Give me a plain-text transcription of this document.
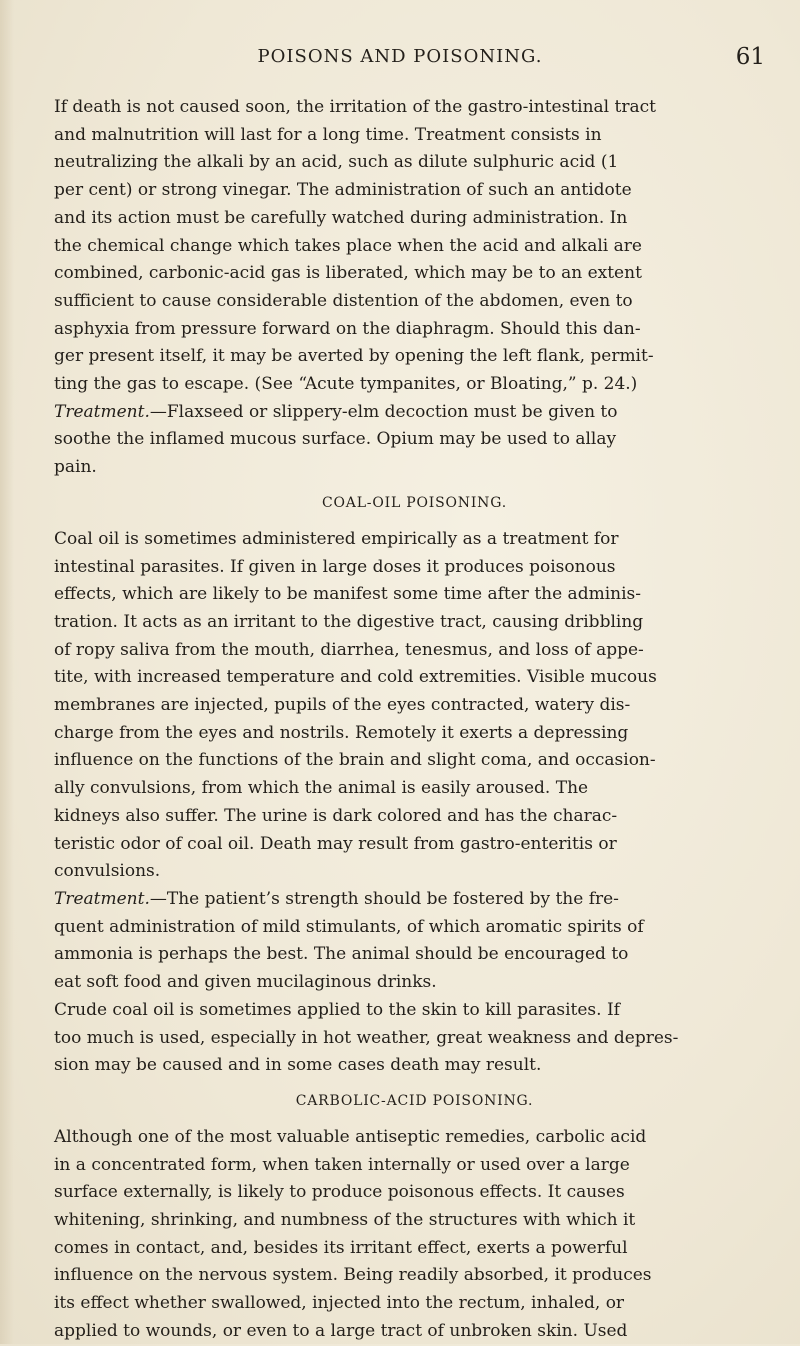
POISONS AND POISONING.	61

If death is not caused soon, the irritation of the gastro-intestinal tract
and malnutrition will last for a long time. Treatment consists in
neutralizing the alkali by an acid, such as dilute sulphuric acid (1
per cent) or strong vinegar. The administration of such an antidote
and its action must be carefully watched during administration. In
the chemical change which takes place when the acid and alkali are
combined, carbonic-acid gas is liberated, which may be to an extent
sufficient to cause considerable distention of the abdomen, even to
asphyxia from pressure forward on the diaphragm. Should this dan-
ger present itself, it may be averted by opening the left flank, permit-
ting the gas to escape. (See “Acute tympanites, or Bloating,” p. 24.)

Treatment.—Flaxseed or slippery-elm decoction must be given to
soothe the inflamed mucous surface. Opium may be used to allay
pain.

COAL-OIL POISONING.

Coal oil is sometimes administered empirically as a treatment for
intestinal parasites. If given in large doses it produces poisonous
effects, which are likely to be manifest some time after the adminis-
tration. It acts as an irritant to the digestive tract, causing dribbling
of ropy saliva from the mouth, diarrhea, tenesmus, and loss of appe-
tite, with increased temperature and cold extremities. Visible mucous
membranes are injected, pupils of the eyes contracted, watery dis-
charge from the eyes and nostrils. Remotely it exerts a depressing
influence on the functions of the brain and slight coma, and occasion-
ally convulsions, from which the animal is easily aroused. The
kidneys also suffer. The urine is dark colored and has the charac-
teristic odor of coal oil. Death may result from gastro-enteritis or
convulsions.

Treatment.—The patient’s strength should be fostered by the fre-
quent administration of mild stimulants, of which aromatic spirits of
ammonia is perhaps the best. The animal should be encouraged to
eat soft food and given mucilaginous drinks.

Crude coal oil is sometimes applied to the skin to kill parasites. If
too much is used, especially in hot weather, great weakness and depres-
sion may be caused and in some cases death may result.

CARBOLIC-ACID POISONING.

Although one of the most valuable antiseptic remedies, carbolic acid
in a concentrated form, when taken internally or used over a large
surface externally, is likely to produce poisonous effects. It causes
whitening, shrinking, and numbness of the structures with which it
comes in contact, and, besides its irritant effect, exerts a powerful
influence on the nervous system. Being readily absorbed, it produces
its effect whether swallowed, injected into the rectum, inhaled, or
applied to wounds, or even to a large tract of unbroken skin. Used
